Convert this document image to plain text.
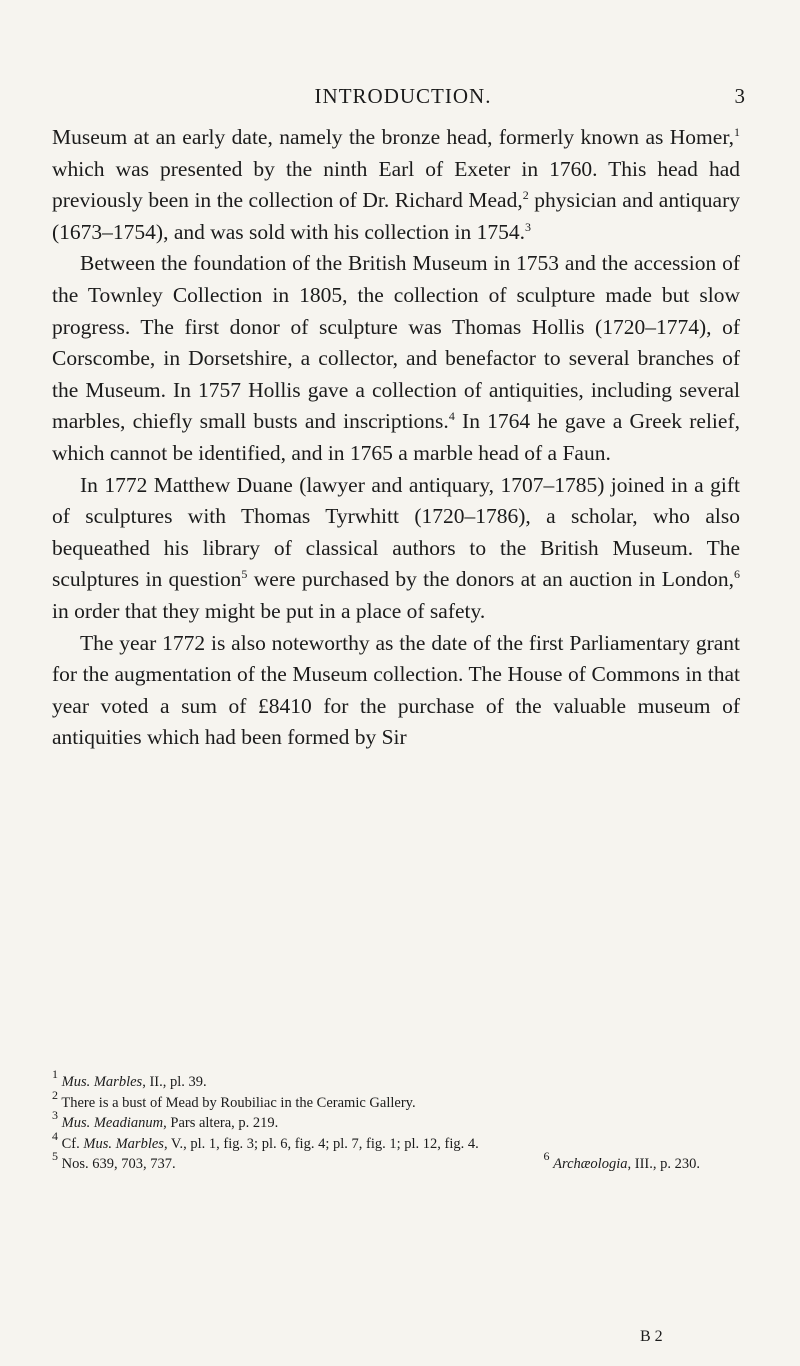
INTRODUCTION.	3

Museum at an early date, namely the bronze head, formerly known as Homer,$^1$ which was presented by the ninth Earl of Exeter in 1760. This head had previously been in the collection of Dr. Richard Mead,$^2$ physician and antiquary (1673–1754), and was sold with his collection in 1754.$^3$

Between the foundation of the British Museum in 1753 and the accession of the Townley Collection in 1805, the collection of sculpture made but slow progress. The first donor of sculpture was Thomas Hollis (1720–1774), of Corscombe, in Dorsetshire, a collector, and benefactor to several branches of the Museum. In 1757 Hollis gave a collection of antiquities, including several marbles, chiefly small busts and inscriptions.$^4$ In 1764 he gave a Greek relief, which cannot be identified, and in 1765 a marble head of a Faun.

In 1772 Matthew Duane (lawyer and antiquary, 1707–1785) joined in a gift of sculptures with Thomas Tyrwhitt (1720–1786), a scholar, who also bequeathed his library of classical authors to the British Museum. The sculptures in question$^5$ were purchased by the donors at an auction in London,$^6$ in order that they might be put in a place of safety.

The year 1772 is also noteworthy as the date of the first Parliamentary grant for the augmentation of the Museum collection. The House of Commons in that year voted a sum of £8410 for the purchase of the valuable museum of antiquities which had been formed by Sir

$^1$ Mus. Marbles, II., pl. 39.
$^2$ There is a bust of Mead by Roubiliac in the Ceramic Gallery.
$^3$ Mus. Meadianum, Pars altera, p. 219.
$^4$ Cf. Mus. Marbles, V., pl. 1, fig. 3; pl. 6, fig. 4; pl. 7, fig. 1; pl. 12, fig. 4.
$^5$ Nos. 639, 703, 737.	$^6$ Archæologia, III., p. 230.
B 2
